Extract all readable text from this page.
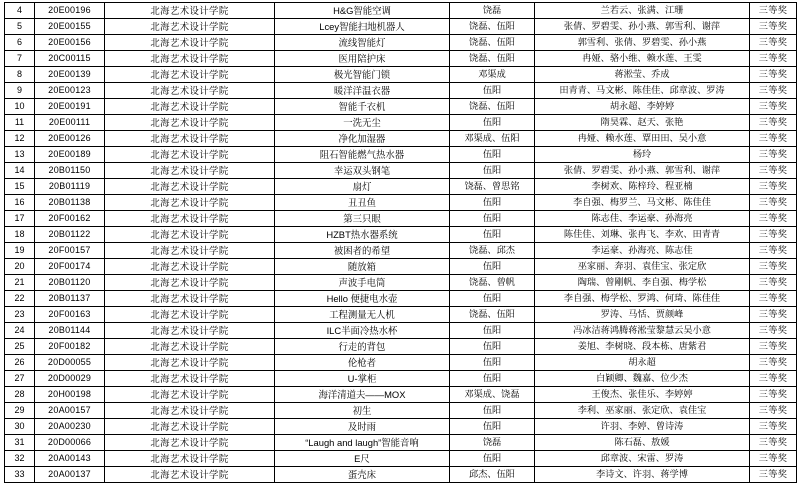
4	20E00196	北海艺术设计学院	H&G智能空调	饶磊	兰若云、张满、江珊	三等奖
5	20E00155	北海艺术设计学院	Lcey智能扫地机器人	饶磊、伍阳	张倩、罗碧雯、孙小燕、郭雪利、谢萍	三等奖
6	20E00156	北海艺术设计学院	流线智能灯	饶磊、伍阳	郭雪利、张倩、罗碧雯、孙小燕	三等奖
7	20C00115	北海艺术设计学院	医用陪护床	饶磊、伍阳	冉娅、骆小维、赖水莲、王雯	三等奖
8	20E00139	北海艺术设计学院	极光智能门锁	邓渠成	蒋淞莹、乔成	三等奖
9	20E00123	北海艺术设计学院	暖洋洋温衣器	伍阳	田青青、马文彬、陈佳佳、邱章波、罗涛	三等奖
10	20E00191	北海艺术设计学院	智能千衣机	饶磊、伍阳	胡永超、李婷婷	三等奖
11	20E00111	北海艺术设计学院	一洗无尘	伍阳	隋昊霖、赵天、张艳	三等奖
12	20E00126	北海艺术设计学院	净化加湿器	邓渠成、伍阳	冉娅、赖水莲、覃田田、吴小意	三等奖
13	20E00189	北海艺术设计学院	阻石智能燃气热水器	伍阳	杨玲	三等奖
14	20B01150	北海艺术设计学院	幸运双头钢笔	伍阳	张倩、罗碧雯、孙小燕、郭雪利、谢萍	三等奖
15	20B01119	北海艺术设计学院	扇灯	饶磊、曾思铭	李树欢、陈梓玲、程亚楠	三等奖
16	20B01138	北海艺术设计学院	丑丑鱼	伍阳	李自强、梅罗兰、马文彬、陈佳佳	三等奖
17	20F00162	北海艺术设计学院	第三只眼	伍阳	陈志佳、李运豪、孙海亮	三等奖
18	20B01122	北海艺术设计学院	HZBT热水器系统	伍阳	陈佳佳、刘琳、张冉飞、李欢、田青青	三等奖
19	20F00157	北海艺术设计学院	被困者的希望	饶磊、邱杰	李运豪、孙海亮、陈志佳	三等奖
20	20F00174	北海艺术设计学院	随放箱	伍阳	巫家丽、奔羽、袁佳宝、张定欣	三等奖
21	20B01120	北海艺术设计学院	声波手电筒	饶磊、曾帆	陶瑞、曾剛帆、李自强、梅学松	三等奖
22	20B01137	北海艺术设计学院	Hello 便捷电水壶	伍阳	李自强、梅学松、罗鸿、何琦、陈佳佳	三等奖
23	20F00163	北海艺术设计学院	工程测量无人机	饶磊、伍阳	罗涛、马恬、贾颜峰	三等奖
24	20B01144	北海艺术设计学院	ILC半面冷热水杯	伍阳	冯冰洁蒋鸿腾蒋淞莹黎慧云吴小意	三等奖
25	20F00182	北海艺术设计学院	行走的背包	伍阳	姜旭、李树晓、段本栋、唐紫君	三等奖
26	20D00055	北海艺术设计学院	伦枪者	伍阳	胡永超	三等奖
27	20D00029	北海艺术设计学院	U-掌柜	伍阳	白颖卿、魏嘉、位少杰	三等奖
28	20H00198	北海艺术设计学院	海洋清道夫——MOX	邓渠成、饶磊	王俊杰、张佳乐、李婷婷	三等奖
29	20A00157	北海艺术设计学院	初生	伍阳	李利、巫家丽、张定欣、袁佳宝	三等奖
30	20A00230	北海艺术设计学院	及时雨	伍阳	许羽、李婷、曾诗涛	三等奖
31	20D00066	北海艺术设计学院	“Laugh and laugh”智能音响	饶磊	陈石磊、敖媛	三等奖
32	20A00143	北海艺术设计学院	E尺	伍阳	邱章波、宋雷、罗涛	三等奖
33	20A00137	北海艺术设计学院	蛋壳床	邱杰、伍阳	李诗文、许羽、蒋学博	三等奖
